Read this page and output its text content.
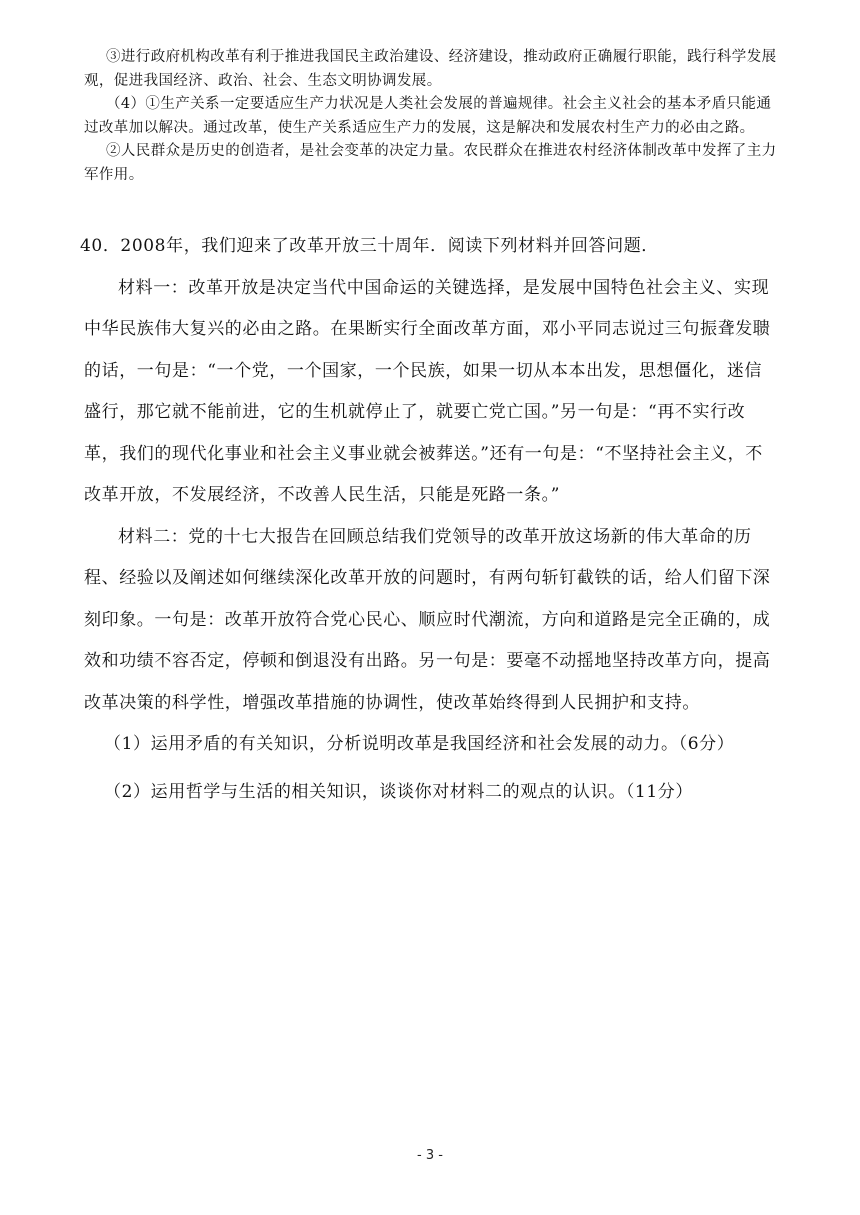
③进行政府机构改革有利于推进我国民主政治建设、经济建设，推动政府正确履行职能，践行科学发展观，促进我国经济、政治、社会、生态文明协调发展。

（4）①生产关系一定要适应生产力状况是人类社会发展的普遍规律。社会主义社会的基本矛盾只能通过改革加以解决。通过改革，使生产关系适应生产力的发展，这是解决和发展农村生产力的必由之路。

②人民群众是历史的创造者，是社会变革的决定力量。农民群众在推进农村经济体制改革中发挥了主力军作用。

40．2008年，我们迎来了改革开放三十周年．阅读下列材料并回答问题．

材料一：改革开放是决定当代中国命运的关键选择，是发展中国特色社会主义、实现中华民族伟大复兴的必由之路。在果断实行全面改革方面，邓小平同志说过三句振聋发聩的话，一句是：“一个党，一个国家，一个民族，如果一切从本本出发，思想僵化，迷信盛行，那它就不能前进，它的生机就停止了，就要亡党亡国。”另一句是：“再不实行改革，我们的现代化事业和社会主义事业就会被葬送。”还有一句是：“不坚持社会主义，不改革开放，不发展经济，不改善人民生活，只能是死路一条。”

材料二：党的十七大报告在回顾总结我们党领导的改革开放这场新的伟大革命的历程、经验以及阐述如何继续深化改革开放的问题时，有两句斩钉截铁的话，给人们留下深刻印象。一句是：改革开放符合党心民心、顺应时代潮流，方向和道路是完全正确的，成效和功绩不容否定，停顿和倒退没有出路。另一句是：要毫不动摇地坚持改革方向，提高改革决策的科学性，增强改革措施的协调性，使改革始终得到人民拥护和支持。

（1）运用矛盾的有关知识，分析说明改革是我国经济和社会发展的动力。（6分）

（2）运用哲学与生活的相关知识，谈谈你对材料二的观点的认识。（11分）

- 3 -
